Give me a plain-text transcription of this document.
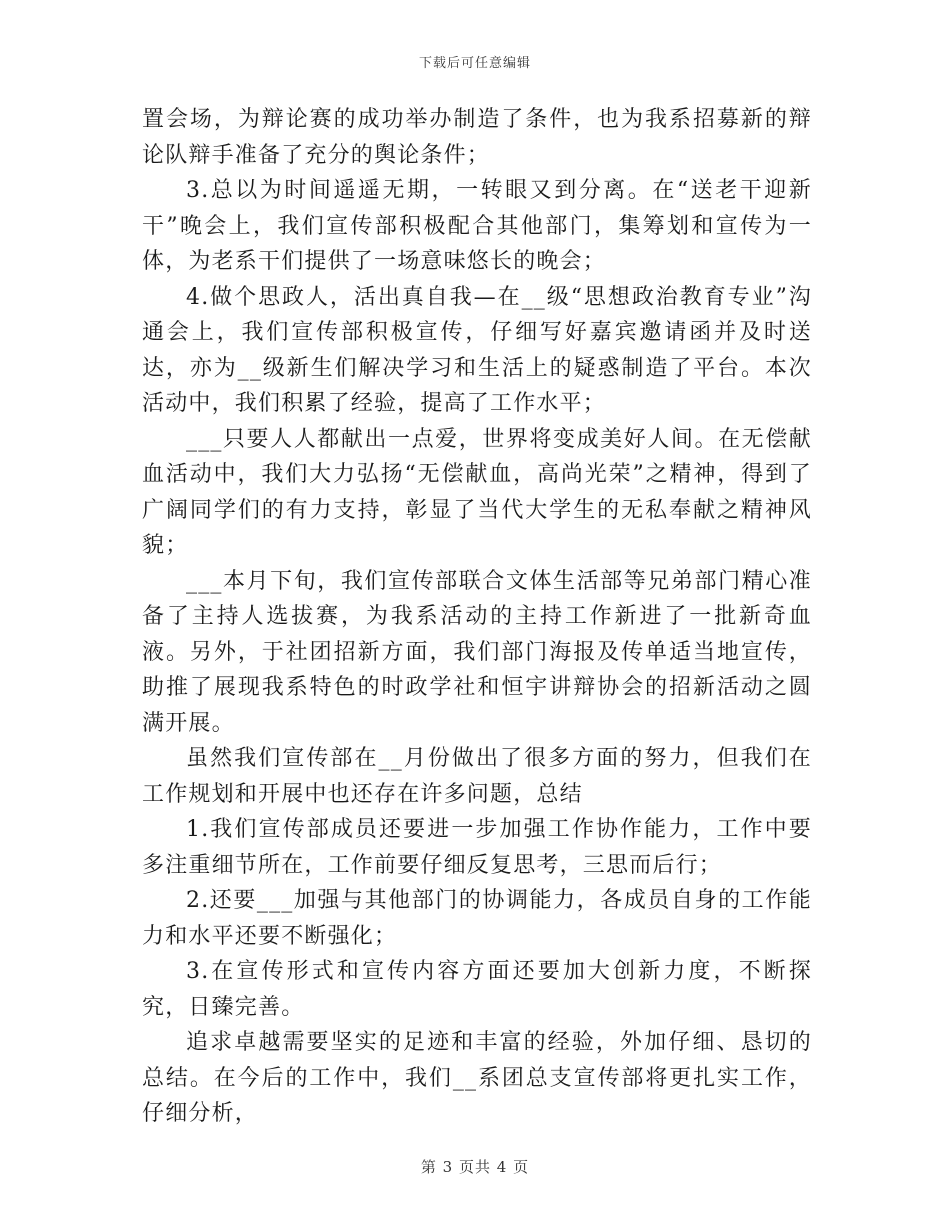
下载后可任意编辑

置会场，为辩论赛的成功举办制造了条件，也为我系招募新的辩论队辩手准备了充分的舆论条件；

3.总以为时间遥遥无期，一转眼又到分离。在“送老干迎新干”晚会上，我们宣传部积极配合其他部门，集筹划和宣传为一体，为老系干们提供了一场意味悠长的晚会；

4.做个思政人，活出真自我—在__级“思想政治教育专业”沟通会上，我们宣传部积极宣传，仔细写好嘉宾邀请函并及时送达，亦为__级新生们解决学习和生活上的疑惑制造了平台。本次活动中，我们积累了经验，提高了工作水平；

___只要人人都献出一点爱，世界将变成美好人间。在无偿献血活动中，我们大力弘扬“无偿献血，高尚光荣”之精神，得到了广阔同学们的有力支持，彰显了当代大学生的无私奉献之精神风貌；

___本月下旬，我们宣传部联合文体生活部等兄弟部门精心准备了主持人选拔赛，为我系活动的主持工作新进了一批新奇血液。另外，于社团招新方面，我们部门海报及传单适当地宣传，助推了展现我系特色的时政学社和恒宇讲辩协会的招新活动之圆满开展。

虽然我们宣传部在__月份做出了很多方面的努力，但我们在工作规划和开展中也还存在许多问题，总结

1.我们宣传部成员还要进一步加强工作协作能力，工作中要多注重细节所在，工作前要仔细反复思考，三思而后行；

2.还要___加强与其他部门的协调能力，各成员自身的工作能力和水平还要不断强化；

3.在宣传形式和宣传内容方面还要加大创新力度，不断探究，日臻完善。

追求卓越需要坚实的足迹和丰富的经验，外加仔细、恳切的总结。在今后的工作中，我们__系团总支宣传部将更扎实工作，仔细分析，

第 3 页共 4 页
